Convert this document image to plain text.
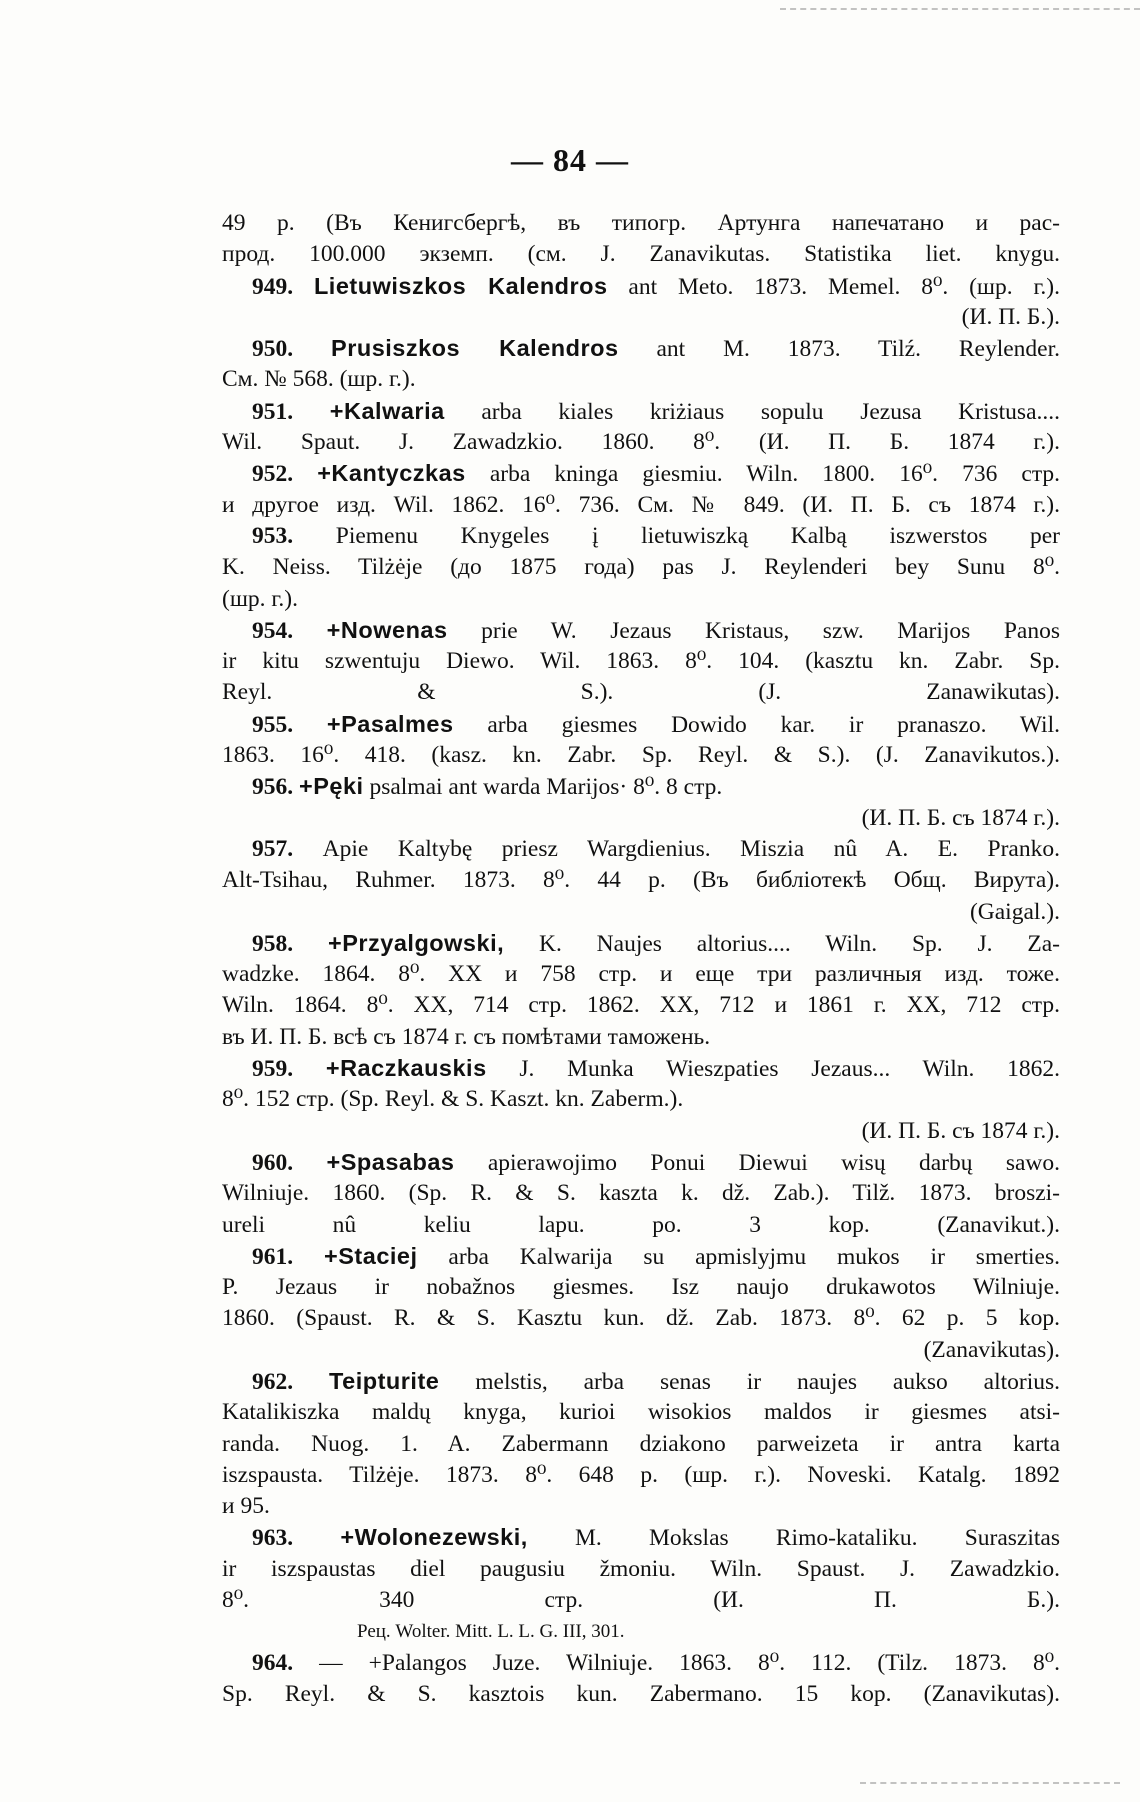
— 84 —
49 p. (Въ Кенигсбергѣ, въ типогр. Артунга напечатано и рас-
прод. 100.000 экземп. (см. J. Zanavikutas. Statistika liet. knygu.
949. Lietuwiszkos Kalendros ant Meto. 1873. Memel. 8⁰. (шр. г.).
(И. П. Б.).
950. Prusiszkos Kalendros ant M. 1873. Tilź. Reylender.
См. № 568. (шр. г.).
951. +Kalwaria arba kiales kriżiaus sopulu Jezusa Kristusa....
Wil. Spaut. J. Zawadzkio. 1860. 8⁰. (И. П. Б. 1874 г.).
952. +Kantyczkas arba kninga giesmiu. Wiln. 1800. 16⁰. 736 стр.
и другое изд. Wil. 1862. 16⁰. 736. См. № 849. (И. П. Б. съ 1874 г.).
953. Piemenu Knygeles į lietuwiszką Kalbą iszwerstos per
K. Neiss. Tilżėje (до 1875 года) pas J. Reylenderi bey Sunu 8⁰.
(шр. г.).
954. +Nowenas prie W. Jezaus Kristaus, szw. Marijos Panos
ir kitu szwentuju Diewo. Wil. 1863. 8⁰. 104. (kasztu kn. Zabr. Sp.
Reyl. & S.). (J. Zanawikutas).
955. +Pasalmes arba giesmes Dowido kar. ir pranaszo. Wil.
1863. 16⁰. 418. (kasz. kn. Zabr. Sp. Reyl. & S.). (J. Zanavikutos.).
956. +Pęki psalmai ant warda Marijos· 8⁰. 8 стр.
(И. П. Б. съ 1874 г.).
957. Apie Kaltybę priesz Wargdienius. Miszia nû A. E. Pranko.
Alt-Tsihau, Ruhmer. 1873. 8⁰. 44 p. (Въ библіотекѣ Общ. Вирута).
(Gaigal.).
958. +Przyalgowski, K. Naujes altorius.... Wiln. Sp. J. Za-
wadzke. 1864. 8⁰. XX и 758 стр. и еще три различныя изд. тоже.
Wiln. 1864. 8⁰. XX, 714 стр. 1862. XX, 712 и 1861 г. XX, 712 стр.
въ И. П. Б. всѣ съ 1874 г. съ помѣтами таможень.
959. +Raczkauskis J. Munka Wieszpaties Jezaus... Wiln. 1862.
8⁰. 152 стр. (Sp. Reyl. & S. Kaszt. kn. Zaberm.).
(И. П. Б. съ 1874 г.).
960. +Spasabas apierawojimo Ponui Diewui wisų darbų sawo.
Wilniuje. 1860. (Sp. R. & S. kaszta k. dž. Zab.). Tilž. 1873. broszi-
ureli nû keliu lapu. po. 3 kop. (Zanavikut.).
961. +Staciej arba Kalwarija su apmislyjmu mukos ir smerties.
P. Jezaus ir nobažnos giesmes. Isz naujo drukawotos Wilniuje.
1860. (Spaust. R. & S. Kasztu kun. dž. Zab. 1873. 8⁰. 62 p. 5 kop.
(Zanavikutas).
962. Teipturite melstis, arba senas ir naujes aukso altorius.
Katalikiszka maldų knyga, kurioi wisokios maldos ir giesmes atsi-
randa. Nuog. 1. A. Zabermann dziakono parweizeta ir antra karta
iszspausta. Tilżėje. 1873. 8⁰. 648 p. (шр. г.). Noveski. Katalg. 1892
и 95.
963. +Wolonezewski, M. Mokslas Rimo-kataliku. Suraszitas
ir iszspaustas diel paugusiu žmoniu. Wiln. Spaust. J. Zawadzkio.
8⁰. 340 стр. (И. П. Б.).
Рец. Wolter. Mitt. L. L. G. III, 301.
964. — +Palangos Juze. Wilniuje. 1863. 8⁰. 112. (Tilz. 1873. 8⁰.
Sp. Reyl. & S. kasztois kun. Zabermano. 15 kop. (Zanavikutas).
